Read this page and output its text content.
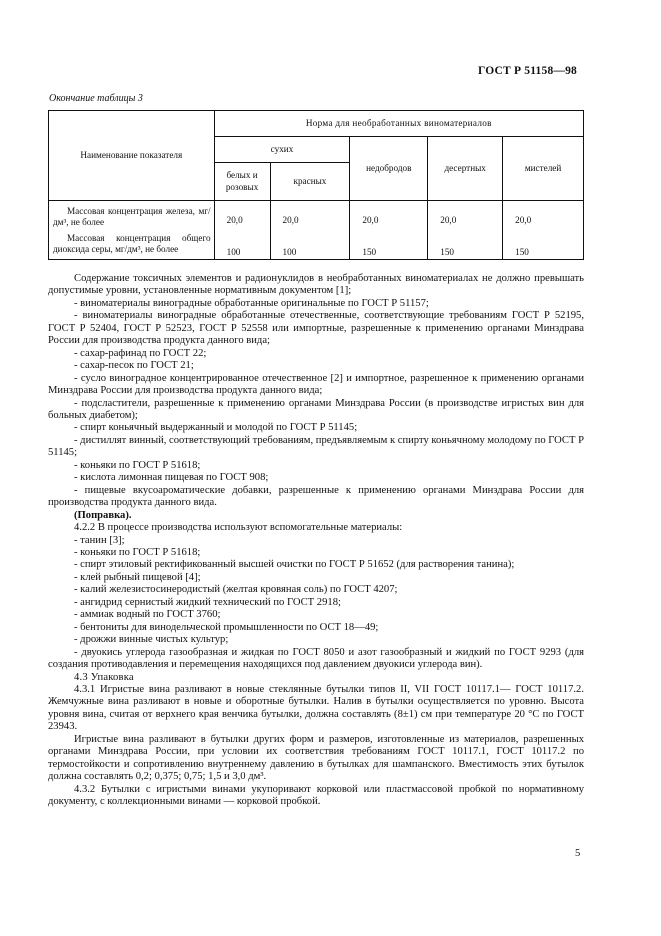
ГОСТ Р 51158—98
Окончание таблицы 3
Наименование показателя	Норма для необработанных виноматериалов				
	сухих		недобродов	десертных	мистелей
	белых и розовых	красных			
Массовая концентрация железа, мг/дм³, не более	20,0	20,0	20,0	20,0	20,0
Массовая концентрация общего диоксида серы, мг/дм³, не более	100	100	150	150	150

Содержание токсичных элементов и радионуклидов в необработанных виноматериалах не должно превышать допустимые уровни, установленные нормативным документом [1];

- виноматериалы виноградные обработанные оригинальные по ГОСТ Р 51157;

- виноматериалы виноградные обработанные отечественные, соответствующие требованиям ГОСТ Р 52195, ГОСТ Р 52404, ГОСТ Р 52523, ГОСТ Р 52558 или импортные, разрешенные к применению органами Минздрава России для производства продукта данного вида;

- сахар-рафинад по ГОСТ 22;

- сахар-песок по ГОСТ 21;

- сусло виноградное концентрированное отечественное [2] и импортное, разрешенное к применению органами Минздрава России для производства продукта данного вида;

- подсластители, разрешенные к применению органами Минздрава России (в производстве игристых вин для больных диабетом);

- спирт коньячный выдержанный и молодой по ГОСТ Р 51145;

- дистиллят винный, соответствующий требованиям, предъявляемым к спирту коньячному молодому по ГОСТ Р 51145;

- коньяки по ГОСТ Р 51618;

- кислота лимонная пищевая по ГОСТ 908;

- пищевые вкусоароматические добавки, разрешенные к применению органами Минздрава России для производства продукта данного вида.

(Поправка).

4.2.2 В процессе производства используют вспомогательные материалы:

- танин [3];

- коньяки по ГОСТ Р 51618;

- спирт этиловый ректификованный высшей очистки по ГОСТ Р 51652 (для растворения танина);

- клей рыбный пищевой [4];

- калий железистосинеродистый (желтая кровяная соль) по ГОСТ 4207;

- ангидрид сернистый жидкий технический по ГОСТ 2918;

- аммиак водный по ГОСТ 3760;

- бентониты для винодельческой промышленности по ОСТ 18—49;

- дрожжи винные чистых культур;

- двуокись углерода газообразная и жидкая по ГОСТ 8050 и азот газообразный и жидкий по ГОСТ 9293 (для создания противодавления и перемещения находящихся под давлением двуокиси углерода вин).

4.3 Упаковка

4.3.1 Игристые вина разливают в новые стеклянные бутылки типов II, VII ГОСТ 10117.1— ГОСТ 10117.2. Жемчужные вина разливают в новые и оборотные бутылки. Налив в бутылки осуществляется по уровню. Высота уровня вина, считая от верхнего края венчика бутылки, должна составлять (8±1) см при температуре 20 °С по ГОСТ 23943.

Игристые вина разливают в бутылки других форм и размеров, изготовленные из материалов, разрешенных органами Минздрава России, при условии их соответствия требованиям ГОСТ 10117.1, ГОСТ 10117.2 по термостойкости и сопротивлению внутреннему давлению в бутылках для шампанского. Вместимость этих бутылок должна составлять 0,2; 0,375; 0,75; 1,5 и 3,0 дм³.

4.3.2 Бутылки с игристыми винами укупоривают корковой или пластмассовой пробкой по нормативному документу, с коллекционными винами — корковой пробкой.

5
